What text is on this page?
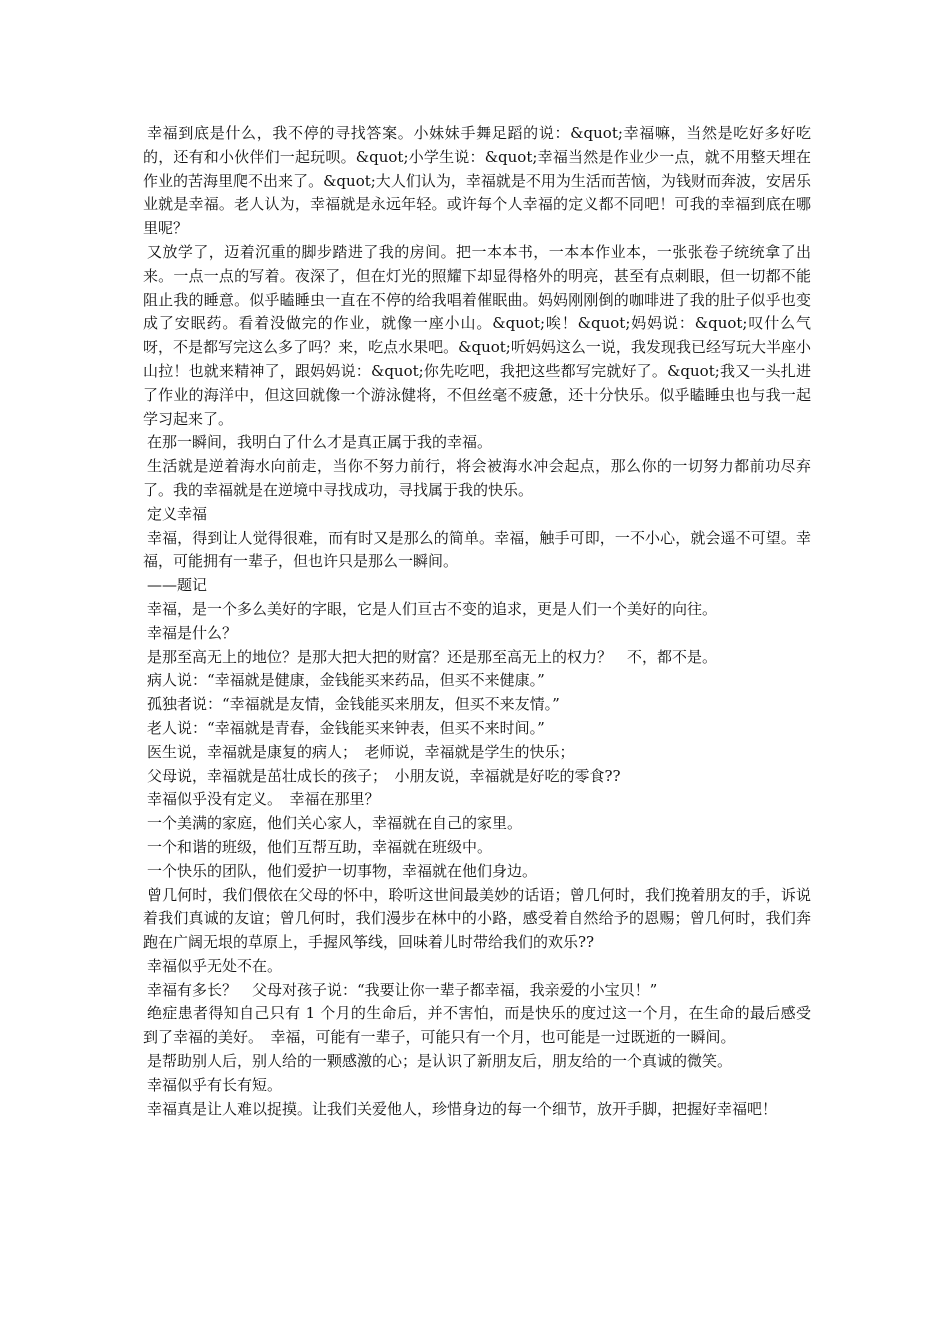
幸福到底是什么，我不停的寻找答案。小妹妹手舞足蹈的说：&quot;幸福嘛，当然是吃好多好吃的，还有和小伙伴们一起玩呗。&quot;小学生说：&quot;幸福当然是作业少一点，就不用整天埋在作业的苦海里爬不出来了。&quot;大人们认为，幸福就是不用为生活而苦恼，为钱财而奔波，安居乐业就是幸福。老人认为，幸福就是永远年轻。或许每个人幸福的定义都不同吧！可我的幸福到底在哪里呢？

又放学了，迈着沉重的脚步踏进了我的房间。把一本本书，一本本作业本，一张张卷子统统拿了出来。一点一点的写着。夜深了，但在灯光的照耀下却显得格外的明亮，甚至有点刺眼，但一切都不能阻止我的睡意。似乎瞌睡虫一直在不停的给我唱着催眠曲。妈妈刚刚倒的咖啡进了我的肚子似乎也变成了安眠药。看着没做完的作业，就像一座小山。&quot;唉！&quot;妈妈说：&quot;叹什么气呀，不是都写完这么多了吗？来，吃点水果吧。&quot;听妈妈这么一说，我发现我已经写玩大半座小山拉！也就来精神了，跟妈妈说：&quot;你先吃吧，我把这些都写完就好了。&quot;我又一头扎进了作业的海洋中，但这回就像一个游泳健将，不但丝毫不疲惫，还十分快乐。似乎瞌睡虫也与我一起学习起来了。

在那一瞬间，我明白了什么才是真正属于我的幸福。

生活就是逆着海水向前走，当你不努力前行，将会被海水冲会起点，那么你的一切努力都前功尽弃了。我的幸福就是在逆境中寻找成功，寻找属于我的快乐。

定义幸福

幸福，得到让人觉得很难，而有时又是那么的简单。幸福，触手可即，一不小心，就会遥不可望。幸福，可能拥有一辈子，但也许只是那么一瞬间。

——题记

幸福，是一个多么美好的字眼，它是人们亘古不变的追求，更是人们一个美好的向往。

幸福是什么？

是那至高无上的地位？是那大把大把的财富？还是那至高无上的权力？　不，都不是。

病人说：“幸福就是健康，金钱能买来药品，但买不来健康。”

孤独者说：“幸福就是友情，金钱能买来朋友，但买不来友情。”

老人说：“幸福就是青春，金钱能买来钟表，但买不来时间。”

医生说，幸福就是康复的病人；　老师说，幸福就是学生的快乐；

父母说，幸福就是茁壮成长的孩子；　小朋友说，幸福就是好吃的零食??

幸福似乎没有定义。　幸福在那里？

一个美满的家庭，他们关心家人，幸福就在自己的家里。

一个和谐的班级，他们互帮互助，幸福就在班级中。

一个快乐的团队，他们爱护一切事物，幸福就在他们身边。

曾几何时，我们偎依在父母的怀中，聆听这世间最美妙的话语；曾几何时，我们挽着朋友的手，诉说着我们真诚的友谊；曾几何时，我们漫步在林中的小路，感受着自然给予的恩赐；曾几何时，我们奔跑在广阔无垠的草原上，手握风筝线，回味着儿时带给我们的欢乐??

幸福似乎无处不在。

幸福有多长？　父母对孩子说：“我要让你一辈子都幸福，我亲爱的小宝贝！”

绝症患者得知自己只有 1 个月的生命后，并不害怕，而是快乐的度过这一个月，在生命的最后感受到了幸福的美好。　幸福，可能有一辈子，可能只有一个月，也可能是一过既逝的一瞬间。

是帮助别人后，别人给的一颗感激的心；是认识了新朋友后，朋友给的一个真诚的微笑。

幸福似乎有长有短。

幸福真是让人难以捉摸。让我们关爱他人，珍惜身边的每一个细节，放开手脚，把握好幸福吧！
